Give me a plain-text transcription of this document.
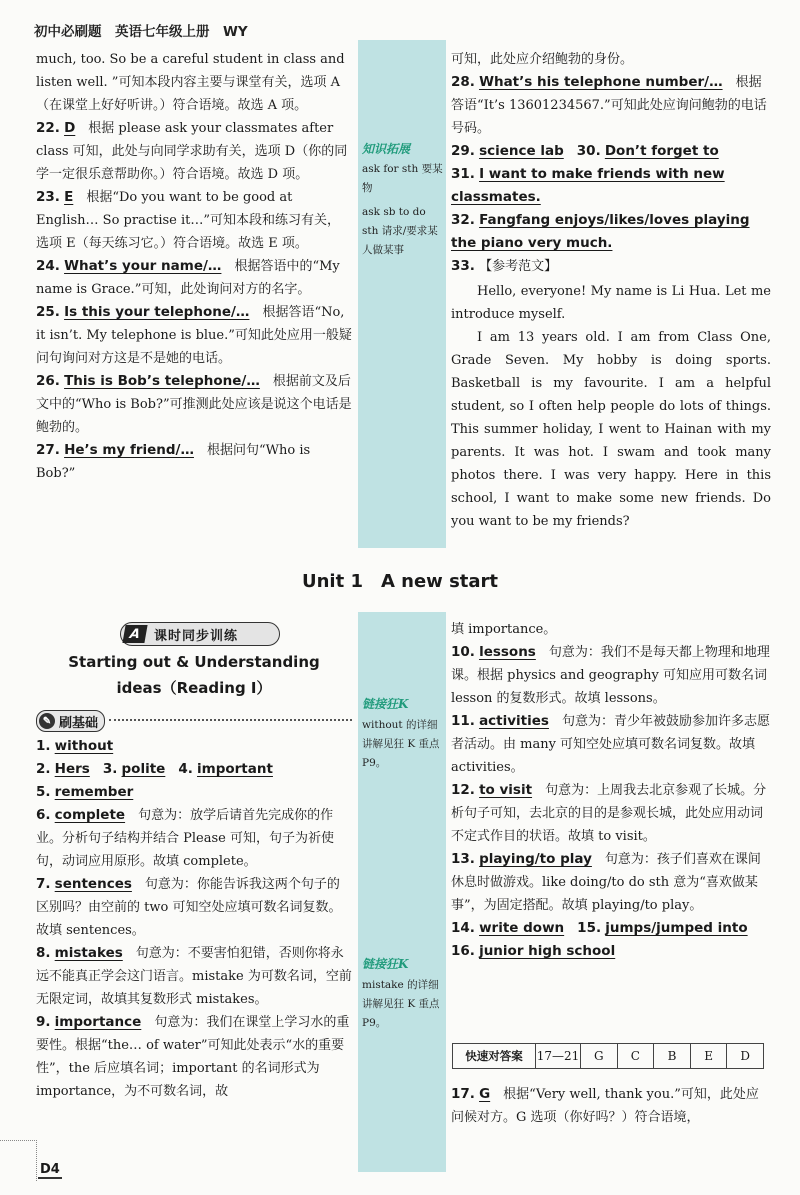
初中必刷题　英语七年级上册　WY
知识拓展
ask for sth 要某物
ask sb to do sth 请求/要求某人做某事
链接狂K
without 的详细讲解见狂 K 重点 P9。
链接狂K
mistake 的详细讲解见狂 K 重点 P9。

much, too. So be a careful student in class and listen well. ”可知本段内容主要与课堂有关，选项 A（在课堂上好好听讲。）符合语境。故选 A 项。

22. D　 根据 please ask your classmates after class 可知，此处与向同学求助有关，选项 D（你的同学一定很乐意帮助你。）符合语境。故选 D 项。

23. E　 根据“Do you want to be good at English… So practise it…”可知本段和练习有关，选项 E（每天练习它。）符合语境。故选 E 项。

24. What’s your name/…　 根据答语中的“My name is Grace.”可知，此处询问对方的名字。

25. Is this your telephone/…　 根据答语“No, it isn’t. My telephone is blue.”可知此处应用一般疑问句询问对方这是不是她的电话。

26. This is Bob’s telephone/…　 根据前文及后文中的“Who is Bob?”可推测此处应该是说这个电话是鲍勃的。

27. He’s my friend/…　 根据问句“Who is Bob?”

可知，此处应介绍鲍勃的身份。

28. What’s his telephone number/…　 根据答语“It’s 13601234567.”可知此处应询问鲍勃的电话号码。

29. science lab　 30. Don’t forget to

31. I want to make friends with new classmates.

32. Fangfang enjoys/likes/loves playing the piano very much.

33. 【参考范文】

Hello, everyone! My name is Li Hua. Let me introduce myself.

I am 13 years old. I am from Class One, Grade Seven. My hobby is doing sports. Basketball is my favourite. I am a helpful student, so I often help people do lots of things. This summer holiday, I went to Hainan with my parents. It was hot. I swam and took many photos there. I was very happy. Here in this school, I want to make some new friends. Do you want to be my friends?

Unit 1　A new start
A 课时同步训练
Starting out & Understanding
ideas（Reading Ⅰ）
✎ 刷基础

1. without

2. Hers　 3. polite　 4. important

5. remember

6. complete　 句意为：放学后请首先完成你的作业。分析句子结构并结合 Please 可知，句子为祈使句，动词应用原形。故填 complete。

7. sentences　 句意为：你能告诉我这两个句子的区别吗？由空前的 two 可知空处应填可数名词复数。故填 sentences。

8. mistakes　 句意为：不要害怕犯错，否则你将永远不能真正学会这门语言。mistake 为可数名词，空前无限定词，故填其复数形式 mistakes。

9. importance　 句意为：我们在课堂上学习水的重要性。根据“the… of water”可知此处表示“水的重要性”，the 后应填名词；important 的名词形式为 importance，为不可数名词，故

填 importance。

10. lessons　 句意为：我们不是每天都上物理和地理课。根据 physics and geography 可知应用可数名词 lesson 的复数形式。故填 lessons。

11. activities　 句意为：青少年被鼓励参加许多志愿者活动。由 many 可知空处应填可数名词复数。故填 activities。

12. to visit　 句意为：上周我去北京参观了长城。分析句子可知，去北京的目的是参观长城，此处应用动词不定式作目的状语。故填 to visit。

13. playing/to play　 句意为：孩子们喜欢在课间休息时做游戏。like doing/to do sth 意为“喜欢做某事”，为固定搭配。故填 playing/to play。

14. write down　 15. jumps/jumped into

16. junior high school

快速对答案	17—21	G	C	B	E	D

17. G　 根据“Very well, thank you.”可知，此处应问候对方。G 选项（你好吗？）符合语境，

D4
